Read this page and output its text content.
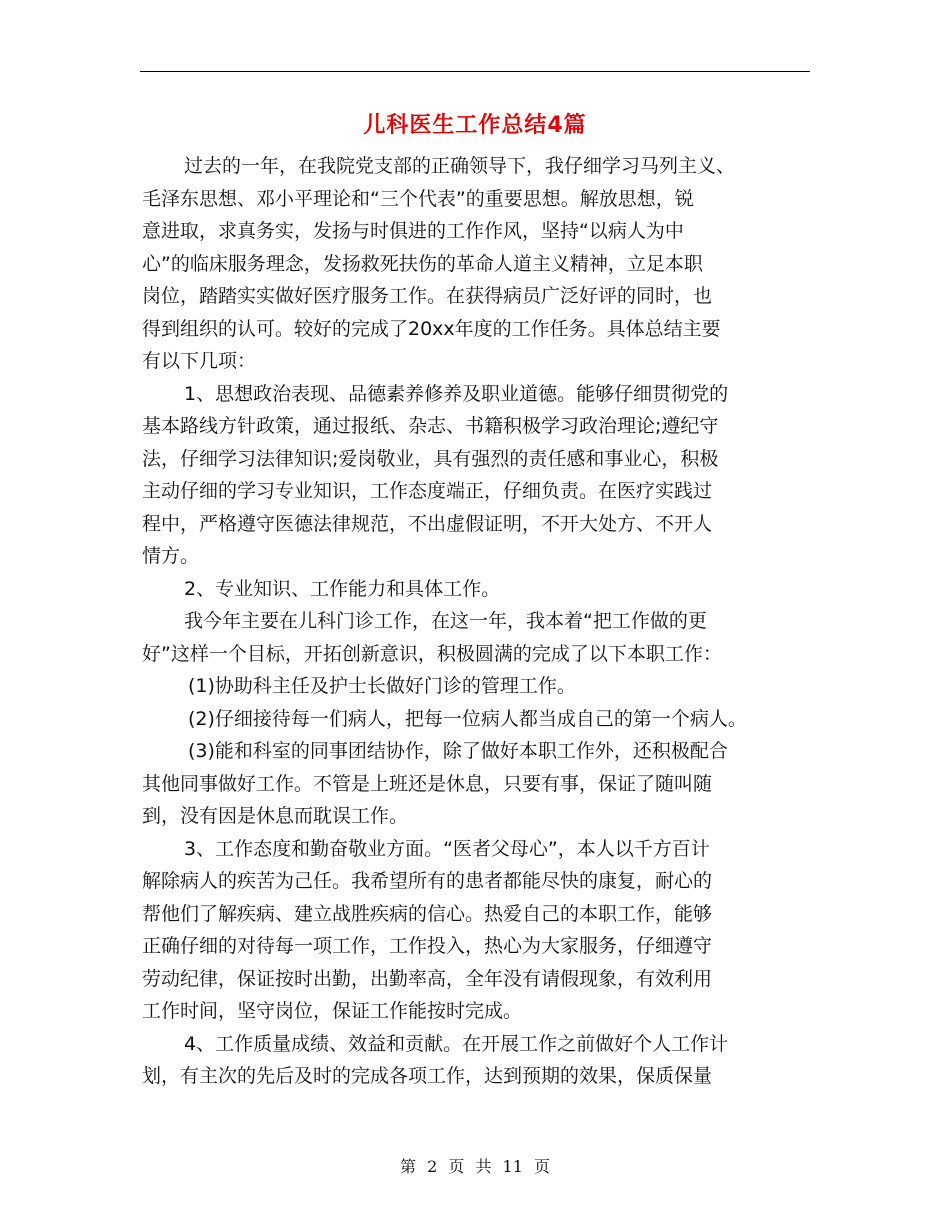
儿科医生工作总结4篇
过去的一年，在我院党支部的正确领导下，我仔细学习马列主义、
毛泽东思想、邓小平理论和“三个代表”的重要思想。解放思想，锐
意进取，求真务实，发扬与时俱进的工作作风，坚持“以病人为中
心”的临床服务理念，发扬救死扶伤的革命人道主义精神，立足本职
岗位，踏踏实实做好医疗服务工作。在获得病员广泛好评的同时，也
得到组织的认可。较好的完成了20xx年度的工作任务。具体总结主要
有以下几项：
1、思想政治表现、品德素养修养及职业道德。能够仔细贯彻党的
基本路线方针政策，通过报纸、杂志、书籍积极学习政治理论;遵纪守
法，仔细学习法律知识;爱岗敬业，具有强烈的责任感和事业心，积极
主动仔细的学习专业知识，工作态度端正，仔细负责。在医疗实践过
程中，严格遵守医德法律规范，不出虚假证明，不开大处方、不开人
情方。
2、专业知识、工作能力和具体工作。
我今年主要在儿科门诊工作，在这一年，我本着“把工作做的更
好”这样一个目标，开拓创新意识，积极圆满的完成了以下本职工作：
(1)协助科主任及护士长做好门诊的管理工作。
(2)仔细接待每一们病人，把每一位病人都当成自己的第一个病人。
(3)能和科室的同事团结协作，除了做好本职工作外，还积极配合
其他同事做好工作。不管是上班还是休息，只要有事，保证了随叫随
到，没有因是休息而耽误工作。
3、工作态度和勤奋敬业方面。“医者父母心”，本人以千方百计
解除病人的疾苦为己任。我希望所有的患者都能尽快的康复，耐心的
帮他们了解疾病、建立战胜疾病的信心。热爱自己的本职工作，能够
正确仔细的对待每一项工作，工作投入，热心为大家服务，仔细遵守
劳动纪律，保证按时出勤，出勤率高，全年没有请假现象，有效利用
工作时间，坚守岗位，保证工作能按时完成。
4、工作质量成绩、效益和贡献。在开展工作之前做好个人工作计
划，有主次的先后及时的完成各项工作，达到预期的效果，保质保量
第 2 页 共 11 页
